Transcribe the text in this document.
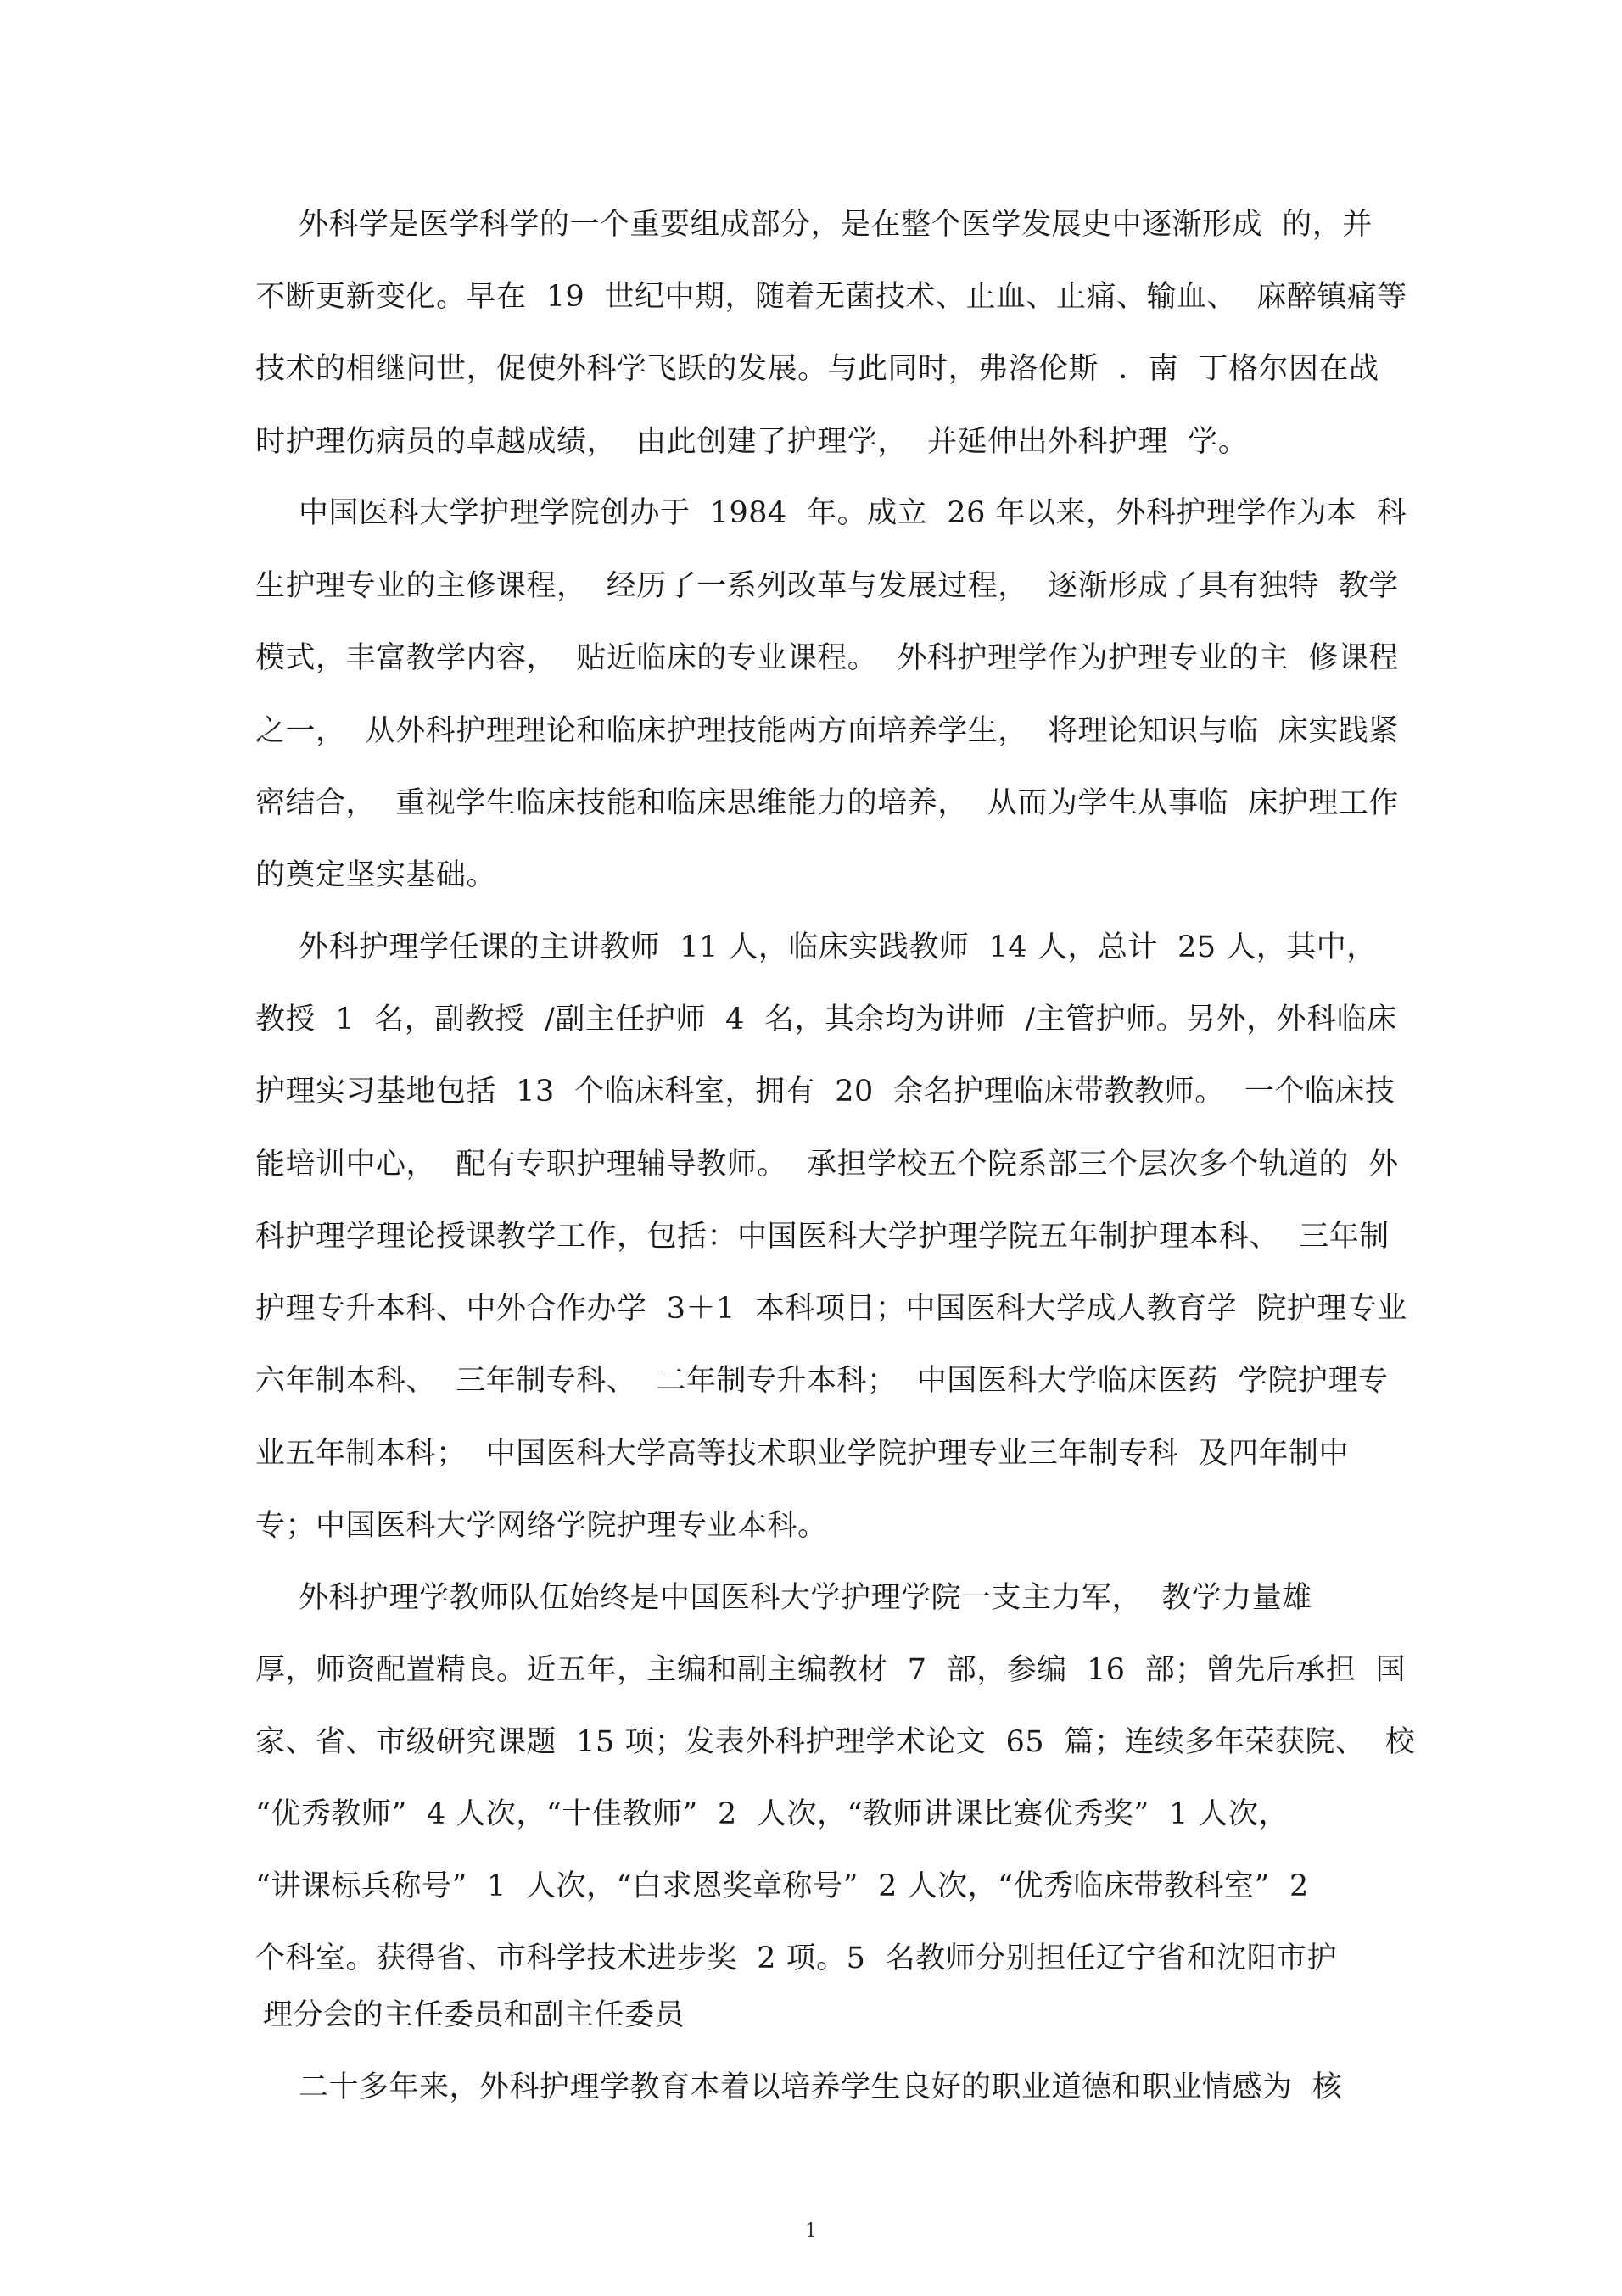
外科学是医学科学的一个重要组成部分，是在整个医学发展史中逐渐形成  的，并
不断更新变化。早在  19  世纪中期，随着无菌技术、止血、止痛、输血、  麻醉镇痛等
技术的相继问世，促使外科学飞跃的发展。与此同时，弗洛伦斯  ．南  丁格尔因在战
时护理伤病员的卓越成绩，  由此创建了护理学，  并延伸出外科护理  学。
中国医科大学护理学院创办于  1984  年。成立  26 年以来，外科护理学作为本  科
生护理专业的主修课程，  经历了一系列改革与发展过程，  逐渐形成了具有独特  教学
模式，丰富教学内容，  贴近临床的专业课程。  外科护理学作为护理专业的主  修课程
之一，  从外科护理理论和临床护理技能两方面培养学生，  将理论知识与临  床实践紧
密结合，  重视学生临床技能和临床思维能力的培养，  从而为学生从事临  床护理工作
的奠定坚实基础。
外科护理学任课的主讲教师  11 人，临床实践教师  14 人，总计  25 人，其中，
教授  1  名，副教授  /副主任护师  4  名，其余均为讲师  /主管护师。另外，外科临床
护理实习基地包括  13  个临床科室，拥有  20  余名护理临床带教教师。  一个临床技
能培训中心，  配有专职护理辅导教师。  承担学校五个院系部三个层次多个轨道的  外
科护理学理论授课教学工作，包括：中国医科大学护理学院五年制护理本科、  三年制
护理专升本科、中外合作办学  3＋1  本科项目；中国医科大学成人教育学  院护理专业
六年制本科、  三年制专科、  二年制专升本科；  中国医科大学临床医药  学院护理专
业五年制本科；  中国医科大学高等技术职业学院护理专业三年制专科  及四年制中
专；中国医科大学网络学院护理专业本科。
外科护理学教师队伍始终是中国医科大学护理学院一支主力军，  教学力量雄
厚，师资配置精良。近五年，主编和副主编教材  7  部，参编  16  部；曾先后承担  国
家、省、市级研究课题  15 项；发表外科护理学术论文  65  篇；连续多年荣获院、  校
“优秀教师”  4 人次，“十佳教师”  2  人次，“教师讲课比赛优秀奖”  1 人次，
“讲课标兵称号”  1  人次，“白求恩奖章称号”  2 人次，“优秀临床带教科室”  2
个科室。获得省、市科学技术进步奖  2 项。5  名教师分别担任辽宁省和沈阳市护
理分会的主任委员和副主任委员
二十多年来，外科护理学教育本着以培养学生良好的职业道德和职业情感为  核
1
